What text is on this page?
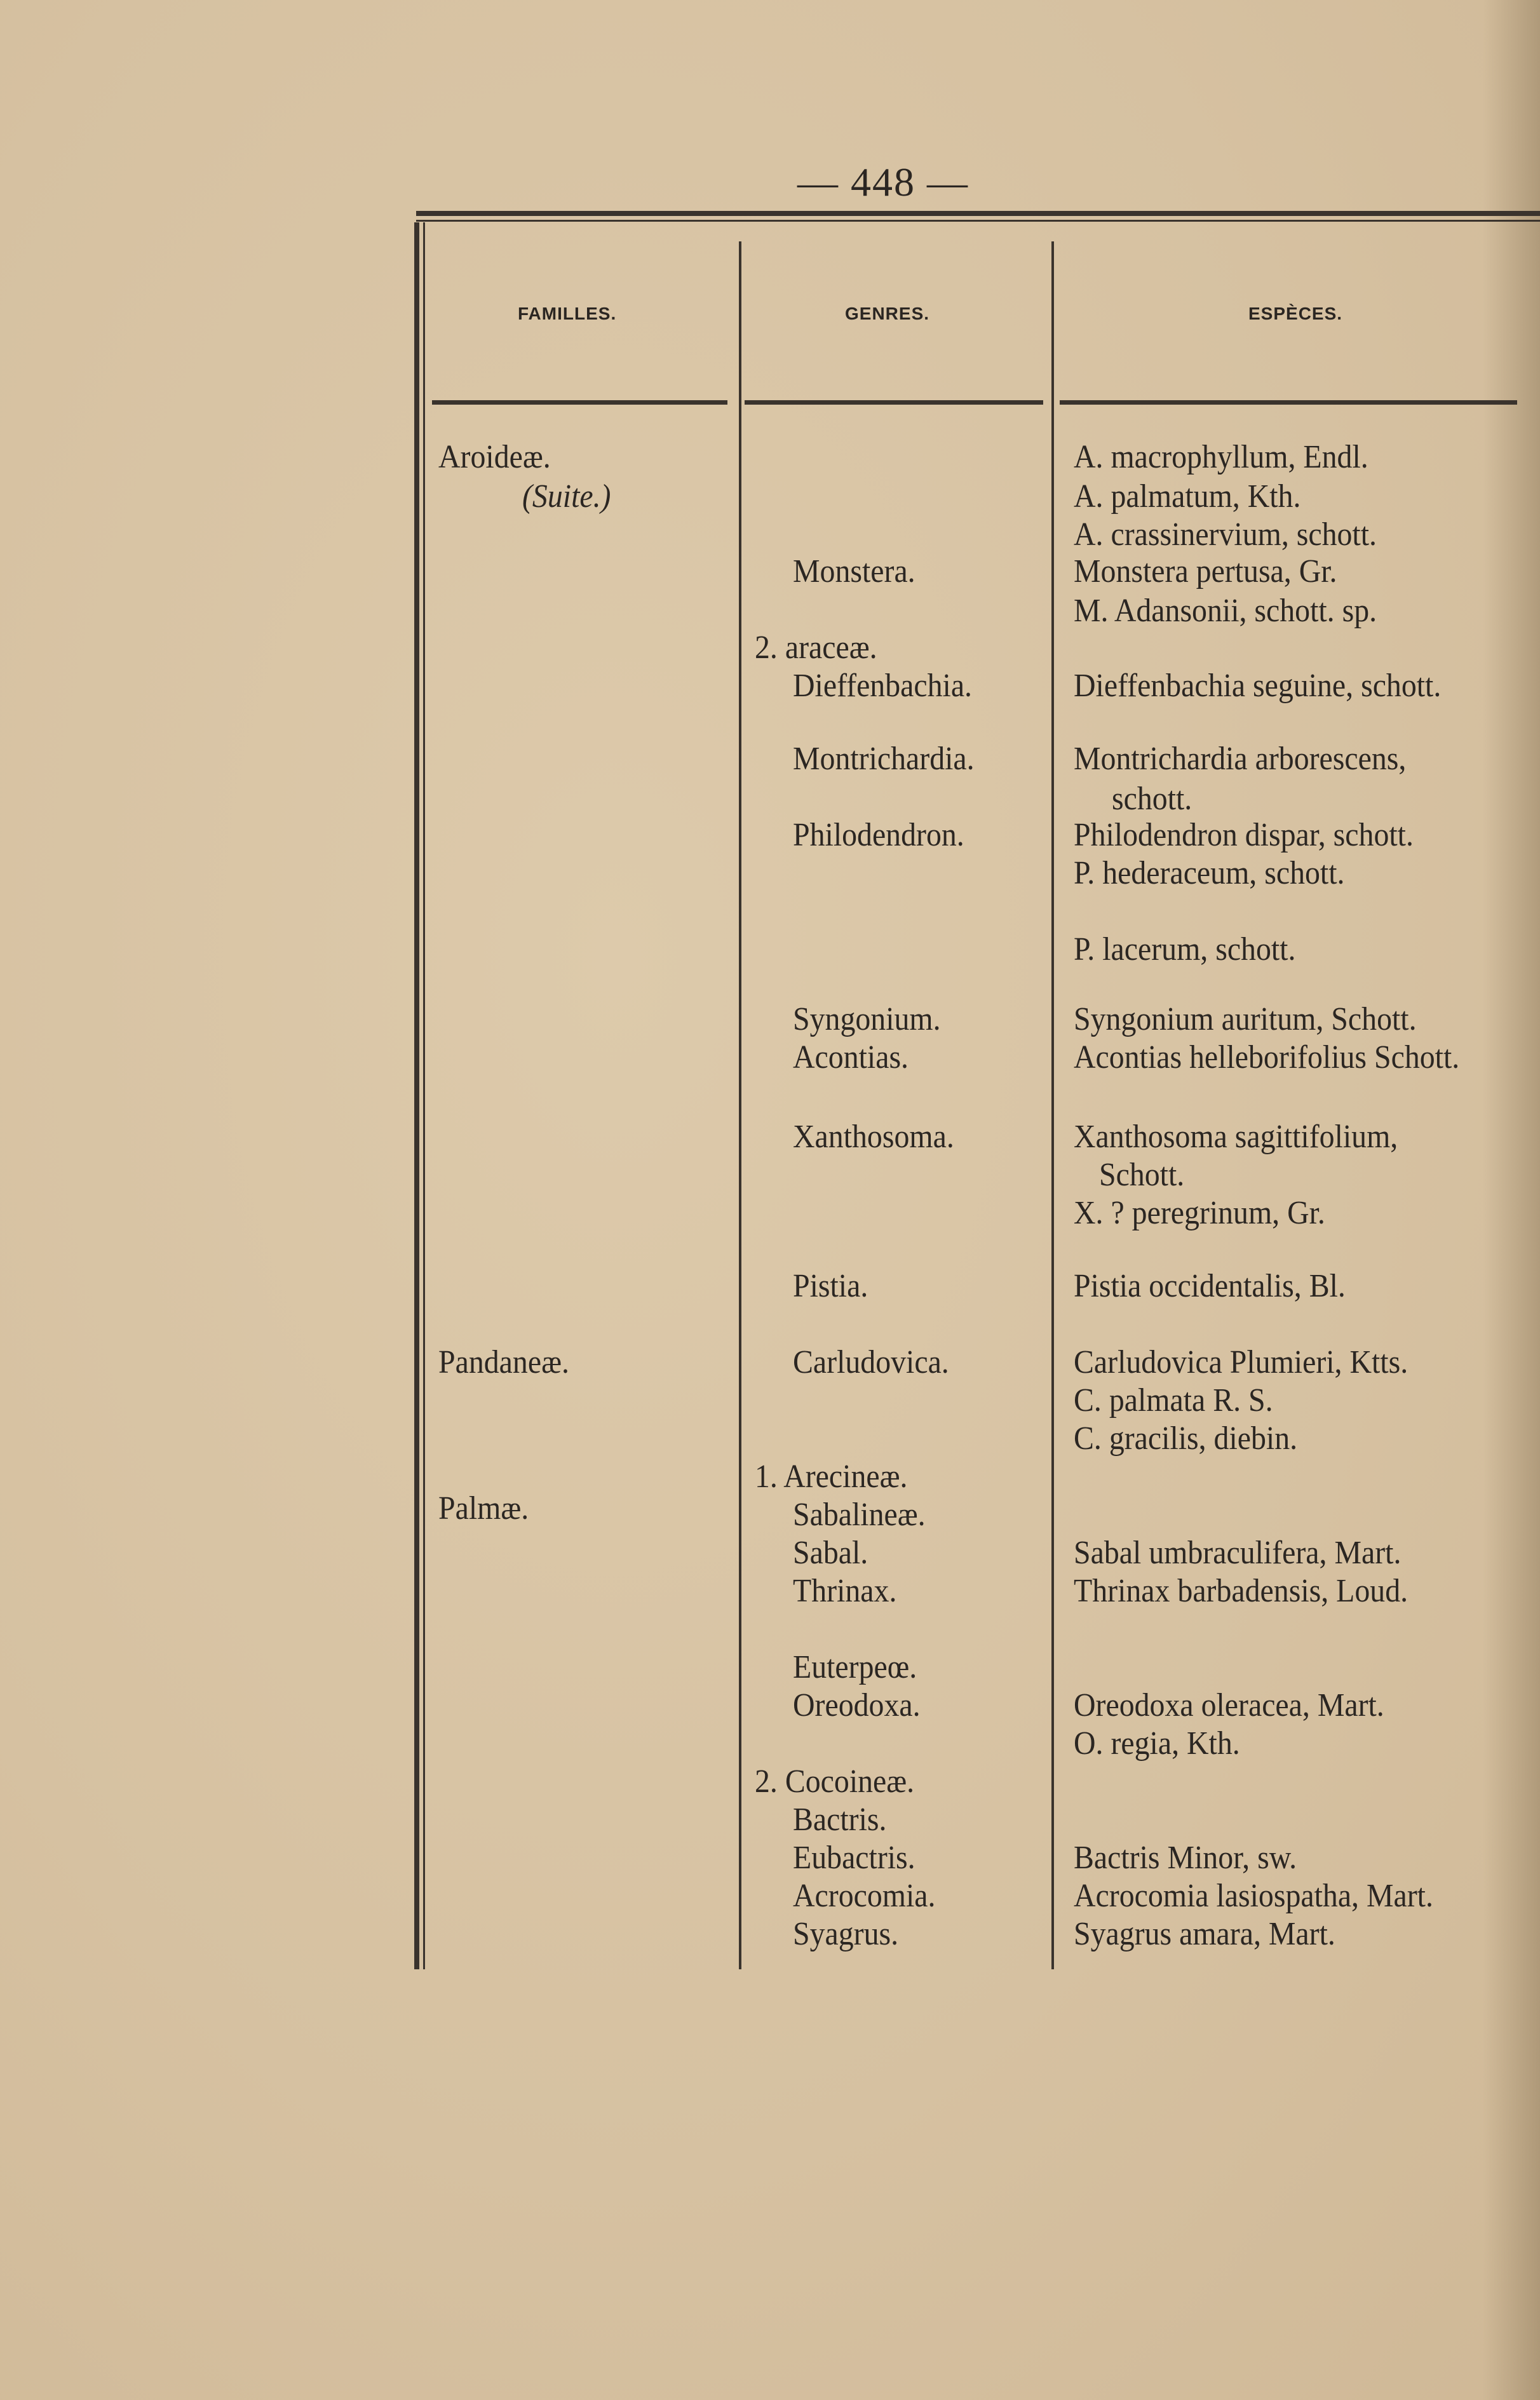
— 448 —
FAMILLES.	GENRES.	ESPÈCES.
Aroideæ.
(Suite.)
Pandaneæ.
Palmæ.
Monstera.
2. araceæ.
Dieffenbachia.
Montrichardia.
Philodendron.
Syngonium.
Acontias.
Xanthosoma.
Pistia.
Carludovica.
1. Arecineæ.
Sabalineæ.
Sabal.
Thrinax.
Euterpeœ.
Oreodoxa.
2. Cocoineæ.
Bactris.
Eubactris.
Acrocomia.
Syagrus.
A. macrophyllum, Endl.
A. palmatum, Kth.
A. crassinervium, schott.
Monstera pertusa, Gr.
M. Adansonii, schott. sp.
Dieffenbachia seguine, schott.
Montrichardia arborescens,
schott.
Philodendron dispar, schott.
P. hederaceum, schott.
P. lacerum, schott.
Syngonium auritum, Schott.
Acontias helleborifolius Schott.
Xanthosoma sagittifolium,
Schott.
X. ? peregrinum, Gr.
Pistia occidentalis, Bl.
Carludovica Plumieri, Ktts.
C. palmata R. S.
C. gracilis, diebin.
Sabal umbraculifera, Mart.
Thrinax barbadensis, Loud.
Oreodoxa oleracea, Mart.
O. regia, Kth.
Bactris Minor, sw.
Acrocomia lasiospatha, Mart.
Syagrus amara, Mart.
